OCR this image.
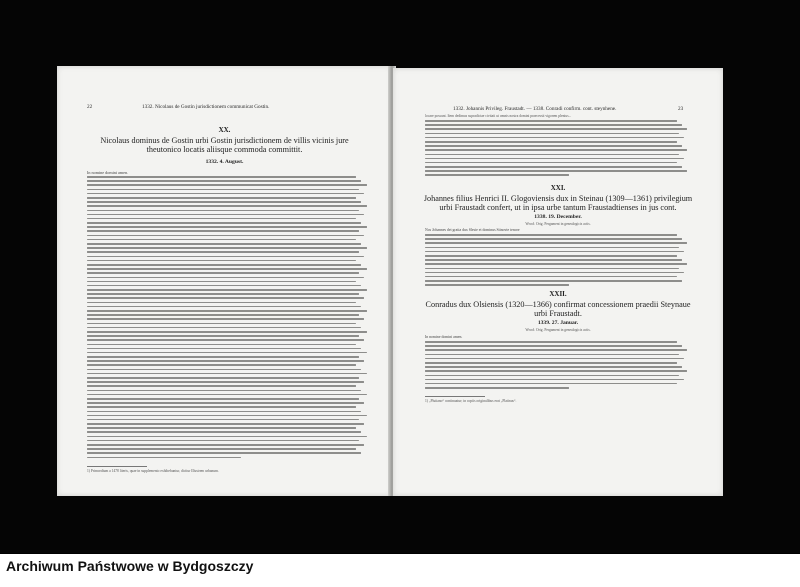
22	1332. Nicolaus de Gostin jurisdictionem communicat Gostin.
XX.
Nicolaus dominus de Gostin urbi Gostin jurisdictionem de villis vicinis jure theutonico locatis aliisque commoda committit.
1332. 4. August.
In nomine domini amen.
1) Primordium a 1478 literis, quae in supplemento exhibebuntur, dicitur Illustrem urbanum.
1332. Johannis Privileg. Fraustadt. — 1338. Conradi confirm. cont. steynhene.	23
locare possunt. Item dedimus supradictae civitati ut omnis nostra domini praecessit vigorem plenius...
XXI.
Johannes filius Henrici II. Glogoviensis dux in Steinau (1309—1361) privilegium urbi Fraustadt confert, ut in ipsa urbe tantum Fraustadtienses in jus cont.
1338. 19. December.
Wrocł. Orig. Pergament in genealogicis actis.
Nos Johannes dei gratia dux Slesie et dominus Stinovie tenore
XXII.
Conradus dux Olsiensis (1320—1366) confirmat concessionem praedii Steynaue urbi Fraustadt.
1339. 27. Januar.
Wrocł. Orig. Pergament in genealogicis actis.
In nomine domini amen.
1) „Plutiano“ continuatur; in copiis originalibus erat „Platinus“.
Archiwum Państwowe w Bydgoszczy
